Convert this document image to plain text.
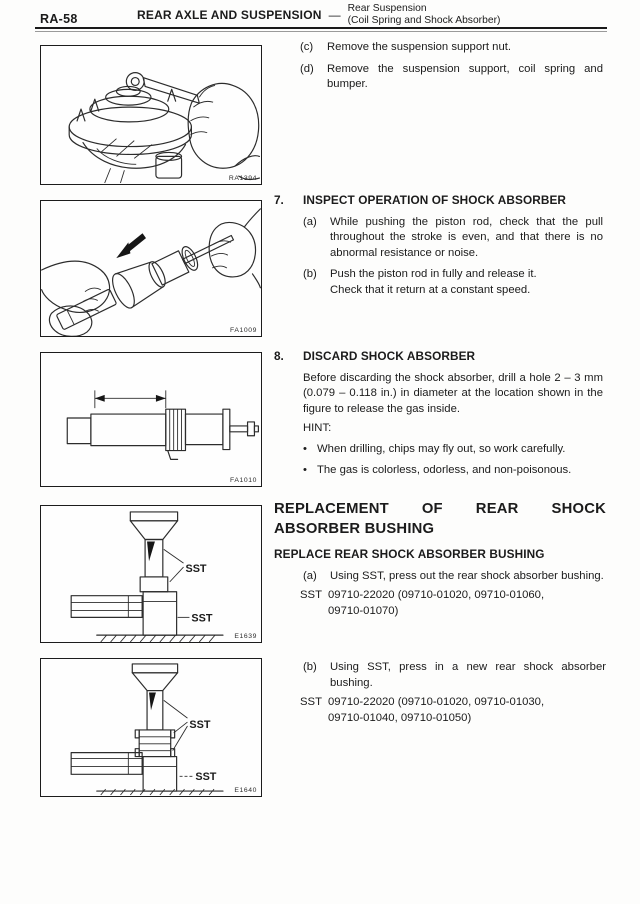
RA-58	REAR AXLE AND SUSPENSION — Rear Suspension
(Coil Spring and Shock Absorber)
RA1394
(c)	Remove the suspension support nut.
(d)	Remove the suspension support, coil spring and bumper.
FA1009
7.	INSPECT OPERATION OF SHOCK ABSORBER
(a)	While pushing the piston rod, check that the pull throughout the stroke is even, and that there is no abnormal resistance or noise.
(b)	Push the piston rod in fully and release it.
Check that it return at a constant speed.
FA1010
8.	DISCARD SHOCK ABSORBER
Before discarding the shock absorber, drill a hole 2 – 3 mm (0.079 – 0.118 in.) in diameter at the location shown in the figure to release the gas inside.
HINT:
• When drilling, chips may fly out, so work carefully.
• The gas is colorless, odorless, and non-poisonous.
SST
SST
E1639
REPLACEMENT OF REAR SHOCK ABSORBER BUSHING
REPLACE REAR SHOCK ABSORBER BUSHING
(a)	Using SST, press out the rear shock absorber bushing.
SST 09710-22020 (09710-01020, 09710-01060,
09710-01070)
SST
SST
E1640
(b)	Using SST, press in a new rear shock absorber bushing.
SST 09710-22020 (09710-01020, 09710-01030,
09710-01040, 09710-01050)
